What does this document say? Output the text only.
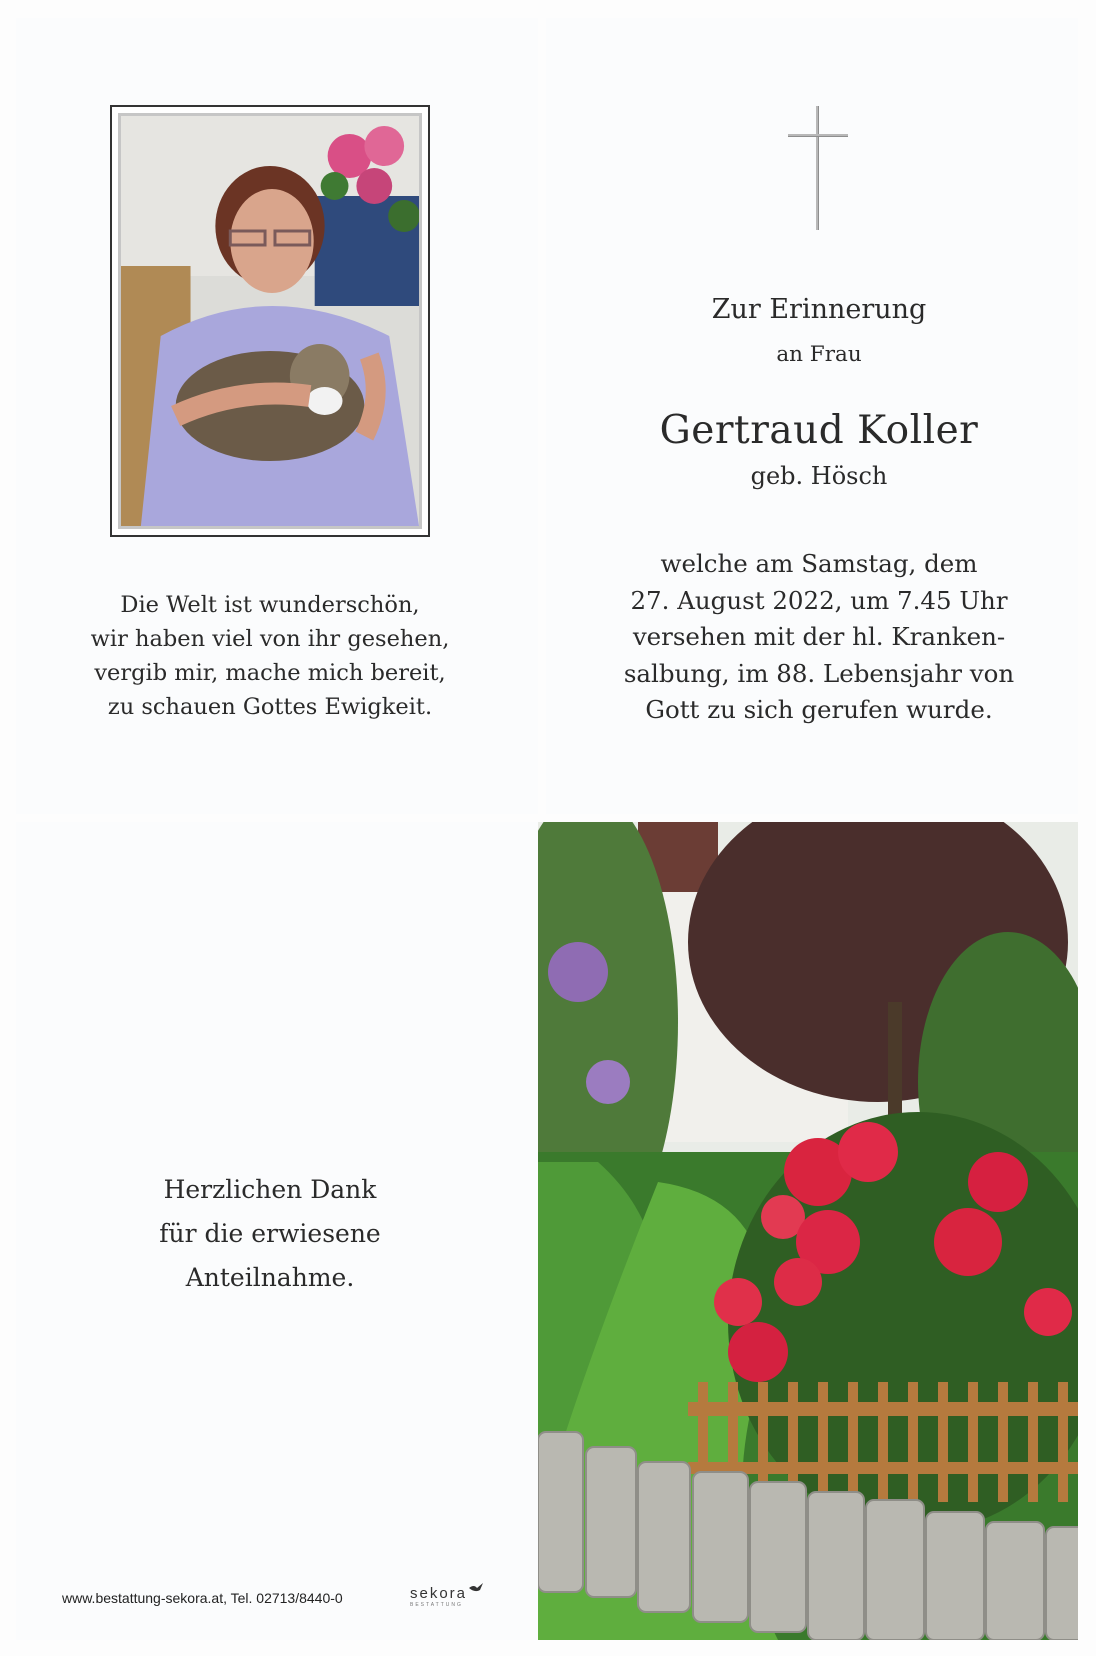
Die Welt ist wunderschön,
wir haben viel von ihr gesehen,
vergib mir, mache mich bereit,
zu schauen Gottes Ewigkeit.
Zur Erinnerung
an Frau
Gertraud Koller
geb. Hösch
welche am Samstag, dem
27. August 2022, um 7.45 Uhr
versehen mit der hl. Kranken-
salbung, im 88. Lebensjahr von
Gott zu sich gerufen wurde.
Herzlichen Dank
für die erwiesene
Anteilnahme.
www.bestattung-sekora.at, Tel. 02713/8440-0	sekora
BESTATTUNG
